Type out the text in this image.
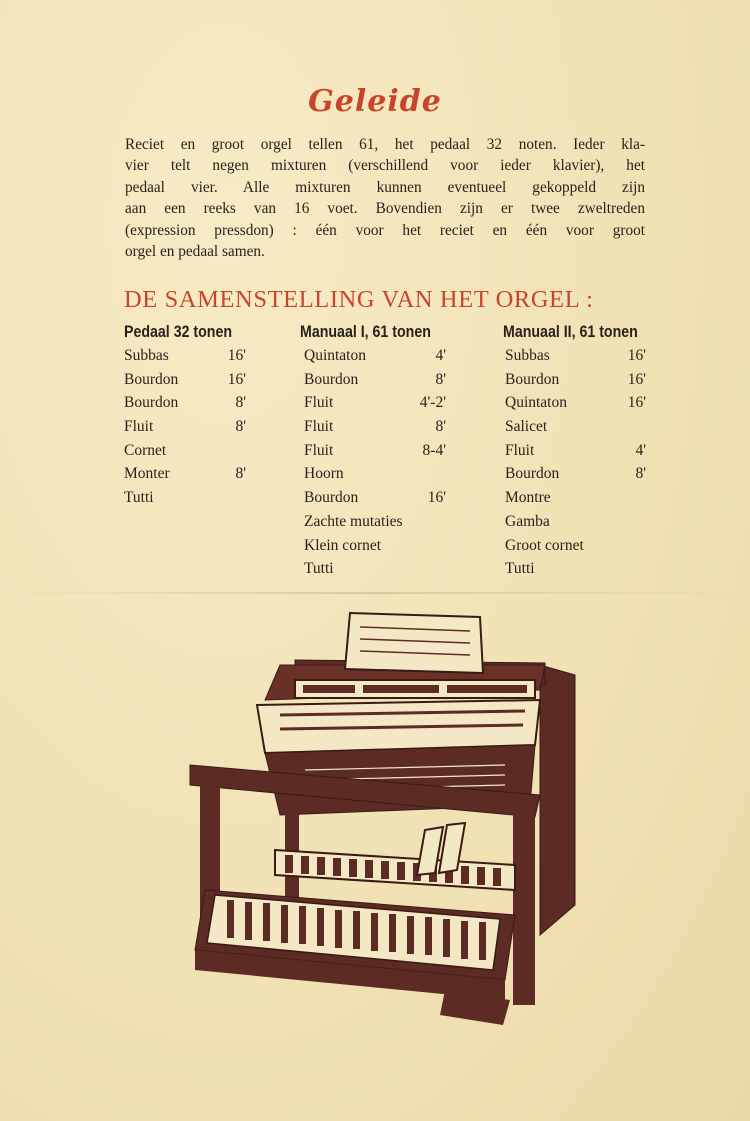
Geleide
Reciet en groot orgel tellen 61, het pedaal 32 noten. Ieder kla-
vier telt negen mixturen (verschillend voor ieder klavier), het
pedaal vier. Alle mixturen kunnen eventueel gekoppeld zijn
aan een reeks van 16 voet. Bovendien zijn er twee zweltreden
(expression pressdon) : één voor het reciet en één voor groot
orgel en pedaal samen.
DE SAMENSTELLING VAN HET ORGEL :
Pedaal 32 tonen
Subbas	16'
Bourdon	16'
Bourdon	8'
Fluit	8'
Cornet
Monter	8'
Tutti
Manuaal I, 61 tonen
Quintaton	4'
Bourdon	8'
Fluit	4'-2'
Fluit	8'
Fluit	8-4'
Hoorn
Bourdon	16'
Zachte mutaties
Klein cornet
Tutti
Manuaal II, 61 tonen
Subbas	16'
Bourdon	16'
Quintaton	16'
Salicet
Fluit	4'
Bourdon	8'
Montre
Gamba
Groot cornet
Tutti
